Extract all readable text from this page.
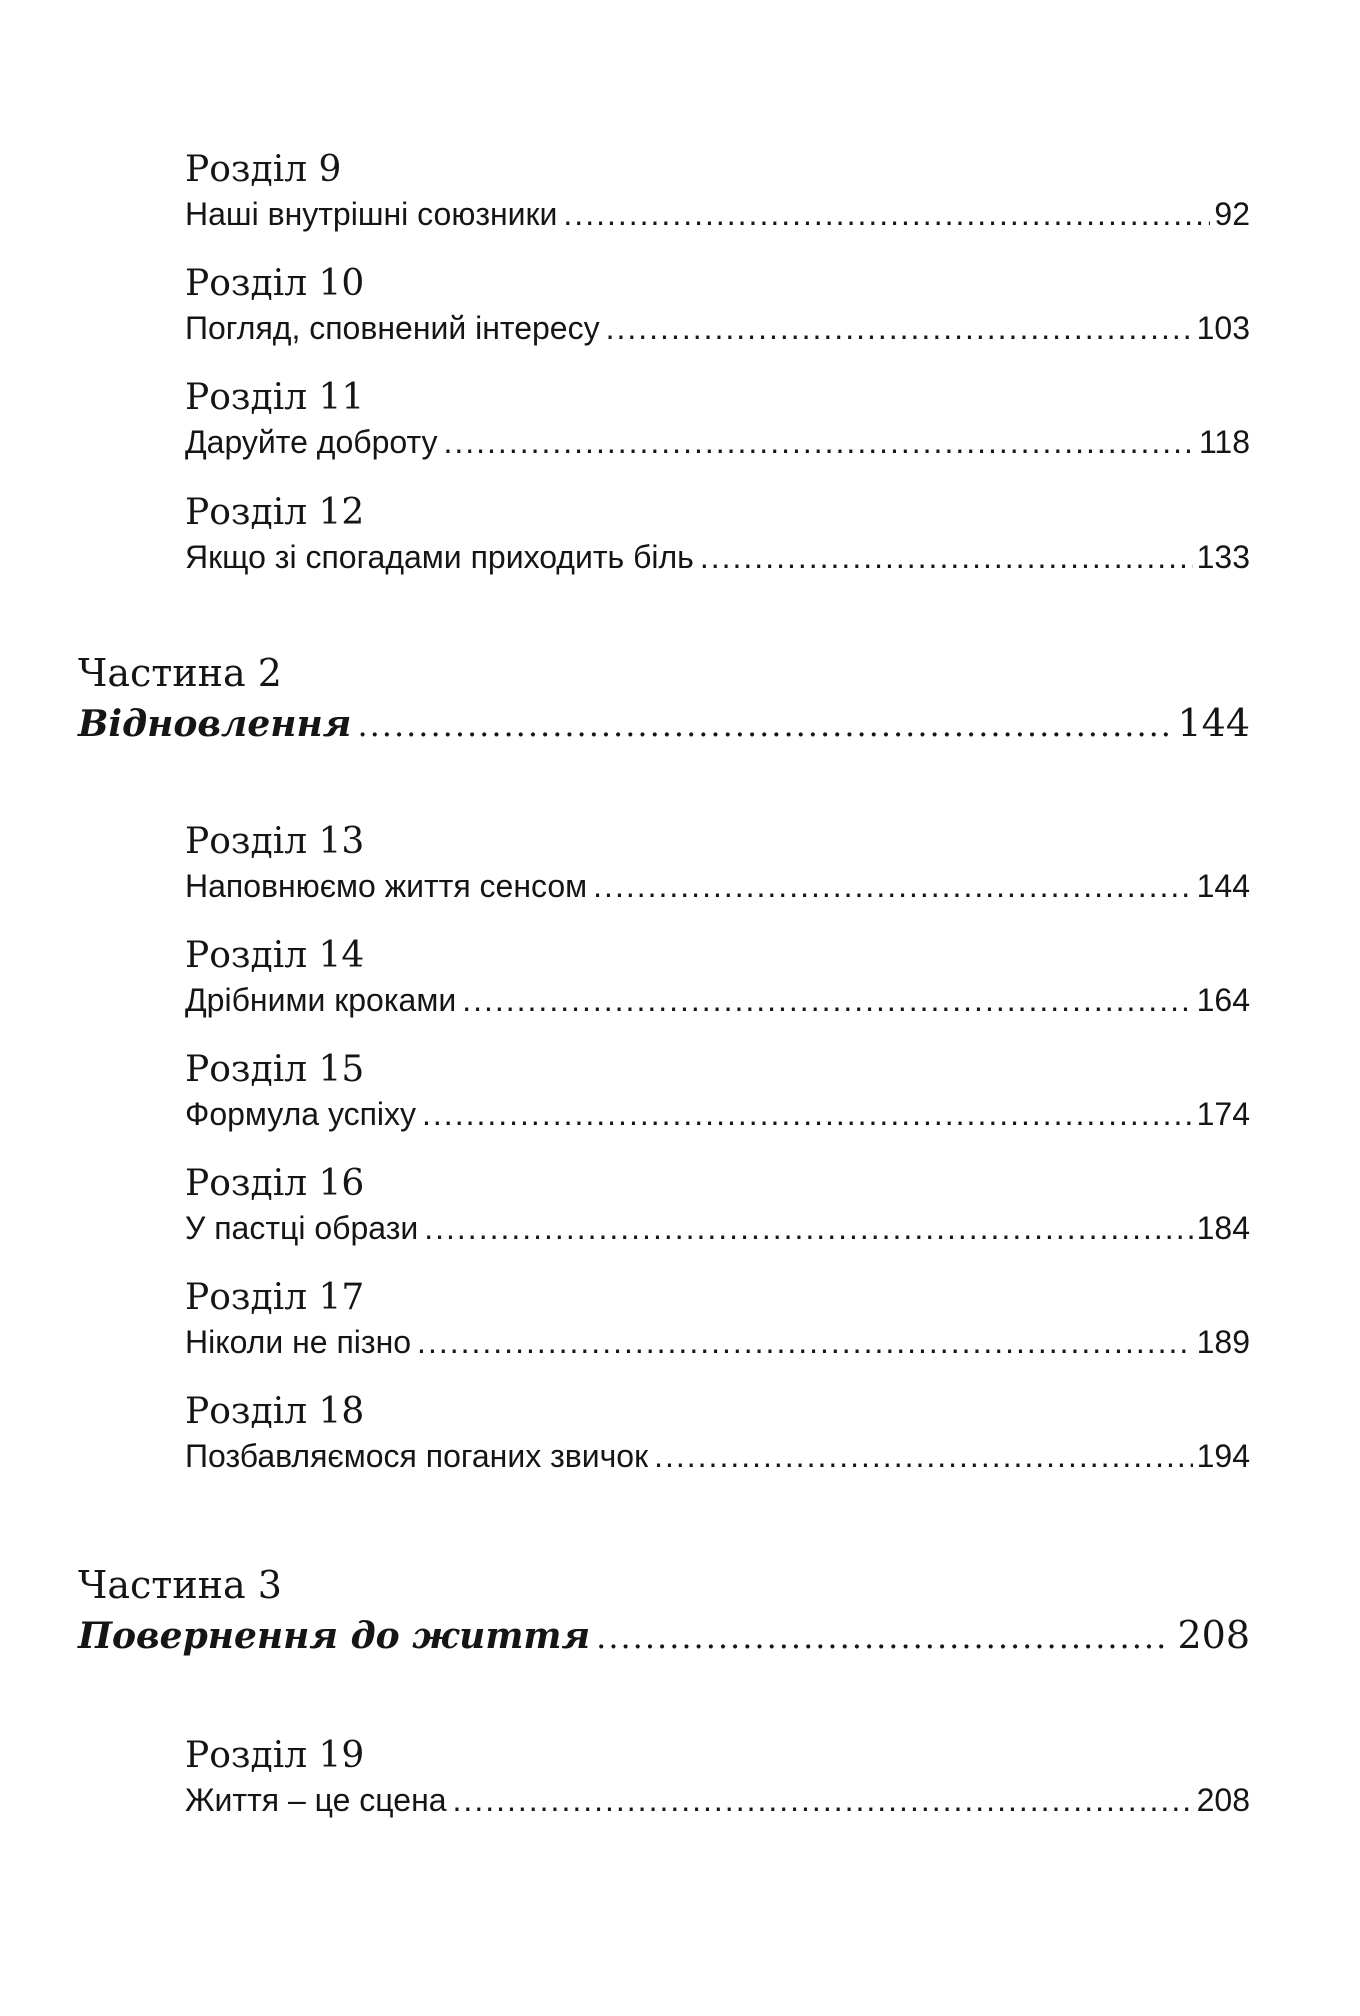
Розділ 9
Наші внутрішні союзники .....	92
Розділ 10
Погляд, сповнений інтересу .....	103
Розділ 11
Даруйте доброту .....	118
Розділ 12
Якщо зі спогадами приходить біль .....	133
Частина 2
Відновлення .....	144
Розділ 13
Наповнюємо життя сенсом .....	144
Розділ 14
Дрібними кроками .....	164
Розділ 15
Формула успіху .....	174
Розділ 16
У пастці образи .....	184
Розділ 17
Ніколи не пізно .....	189
Розділ 18
Позбавляємося поганих звичок .....	194
Частина 3
Повернення до життя .....	208
Розділ 19
Життя – це сцена .....	208
